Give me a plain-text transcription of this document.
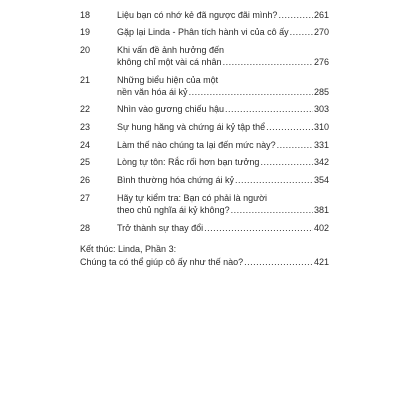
18	Liệu bạn có nhớ kẻ đã ngược đãi mình? .....	261
19	Gặp lại Linda - Phân tích hành vi của cô ấy .....	270
20	Khi vấn đề ảnh hưởng đến
không chỉ một vài cá nhân .....	276
21	Những biểu hiện của một
nền văn hóa ái kỷ .....	285
22	Nhìn vào gương chiếu hậu .....	303
23	Sự hung hăng và chứng ái kỷ tập thể .....	310
24	Làm thế nào chúng ta lại đến mức này? .....	331
25	Lòng tự tôn: Rắc rối hơn bạn tưởng .....	342
26	Bình thường hóa chứng ái kỷ .....	354
27	Hãy tự kiểm tra: Bạn có phải là người
theo chủ nghĩa ái kỷ không? .....	381
28	Trở thành sự thay đổi .....	402
Kết thúc: Linda, Phần 3:
Chúng ta có thể giúp cô ấy như thế nào? .....	421
